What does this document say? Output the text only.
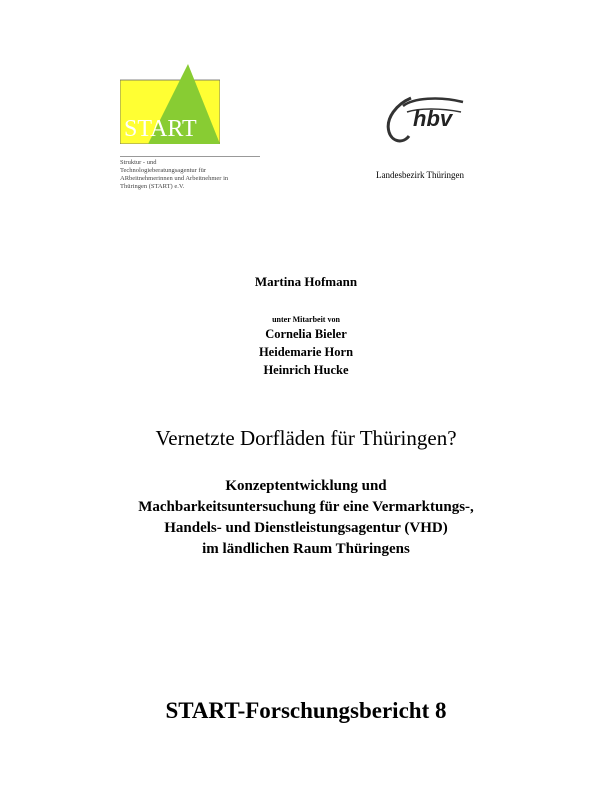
START
Struktur - und
Technologieberatungsagentur für
ARbeitnehmerinnen und Arbeitnehmer in
Thüringen (START) e.V.
hbv
Landesbezirk Thüringen
Martina Hofmann
unter Mitarbeit von
Cornelia Bieler
Heidemarie Horn
Heinrich Hucke
Vernetzte Dorfläden für Thüringen?
Konzeptentwicklung und
Machbarkeitsuntersuchung für eine Vermarktungs-,
Handels- und Dienstleistungsagentur (VHD)
im ländlichen Raum Thüringens
START-Forschungsbericht 8
